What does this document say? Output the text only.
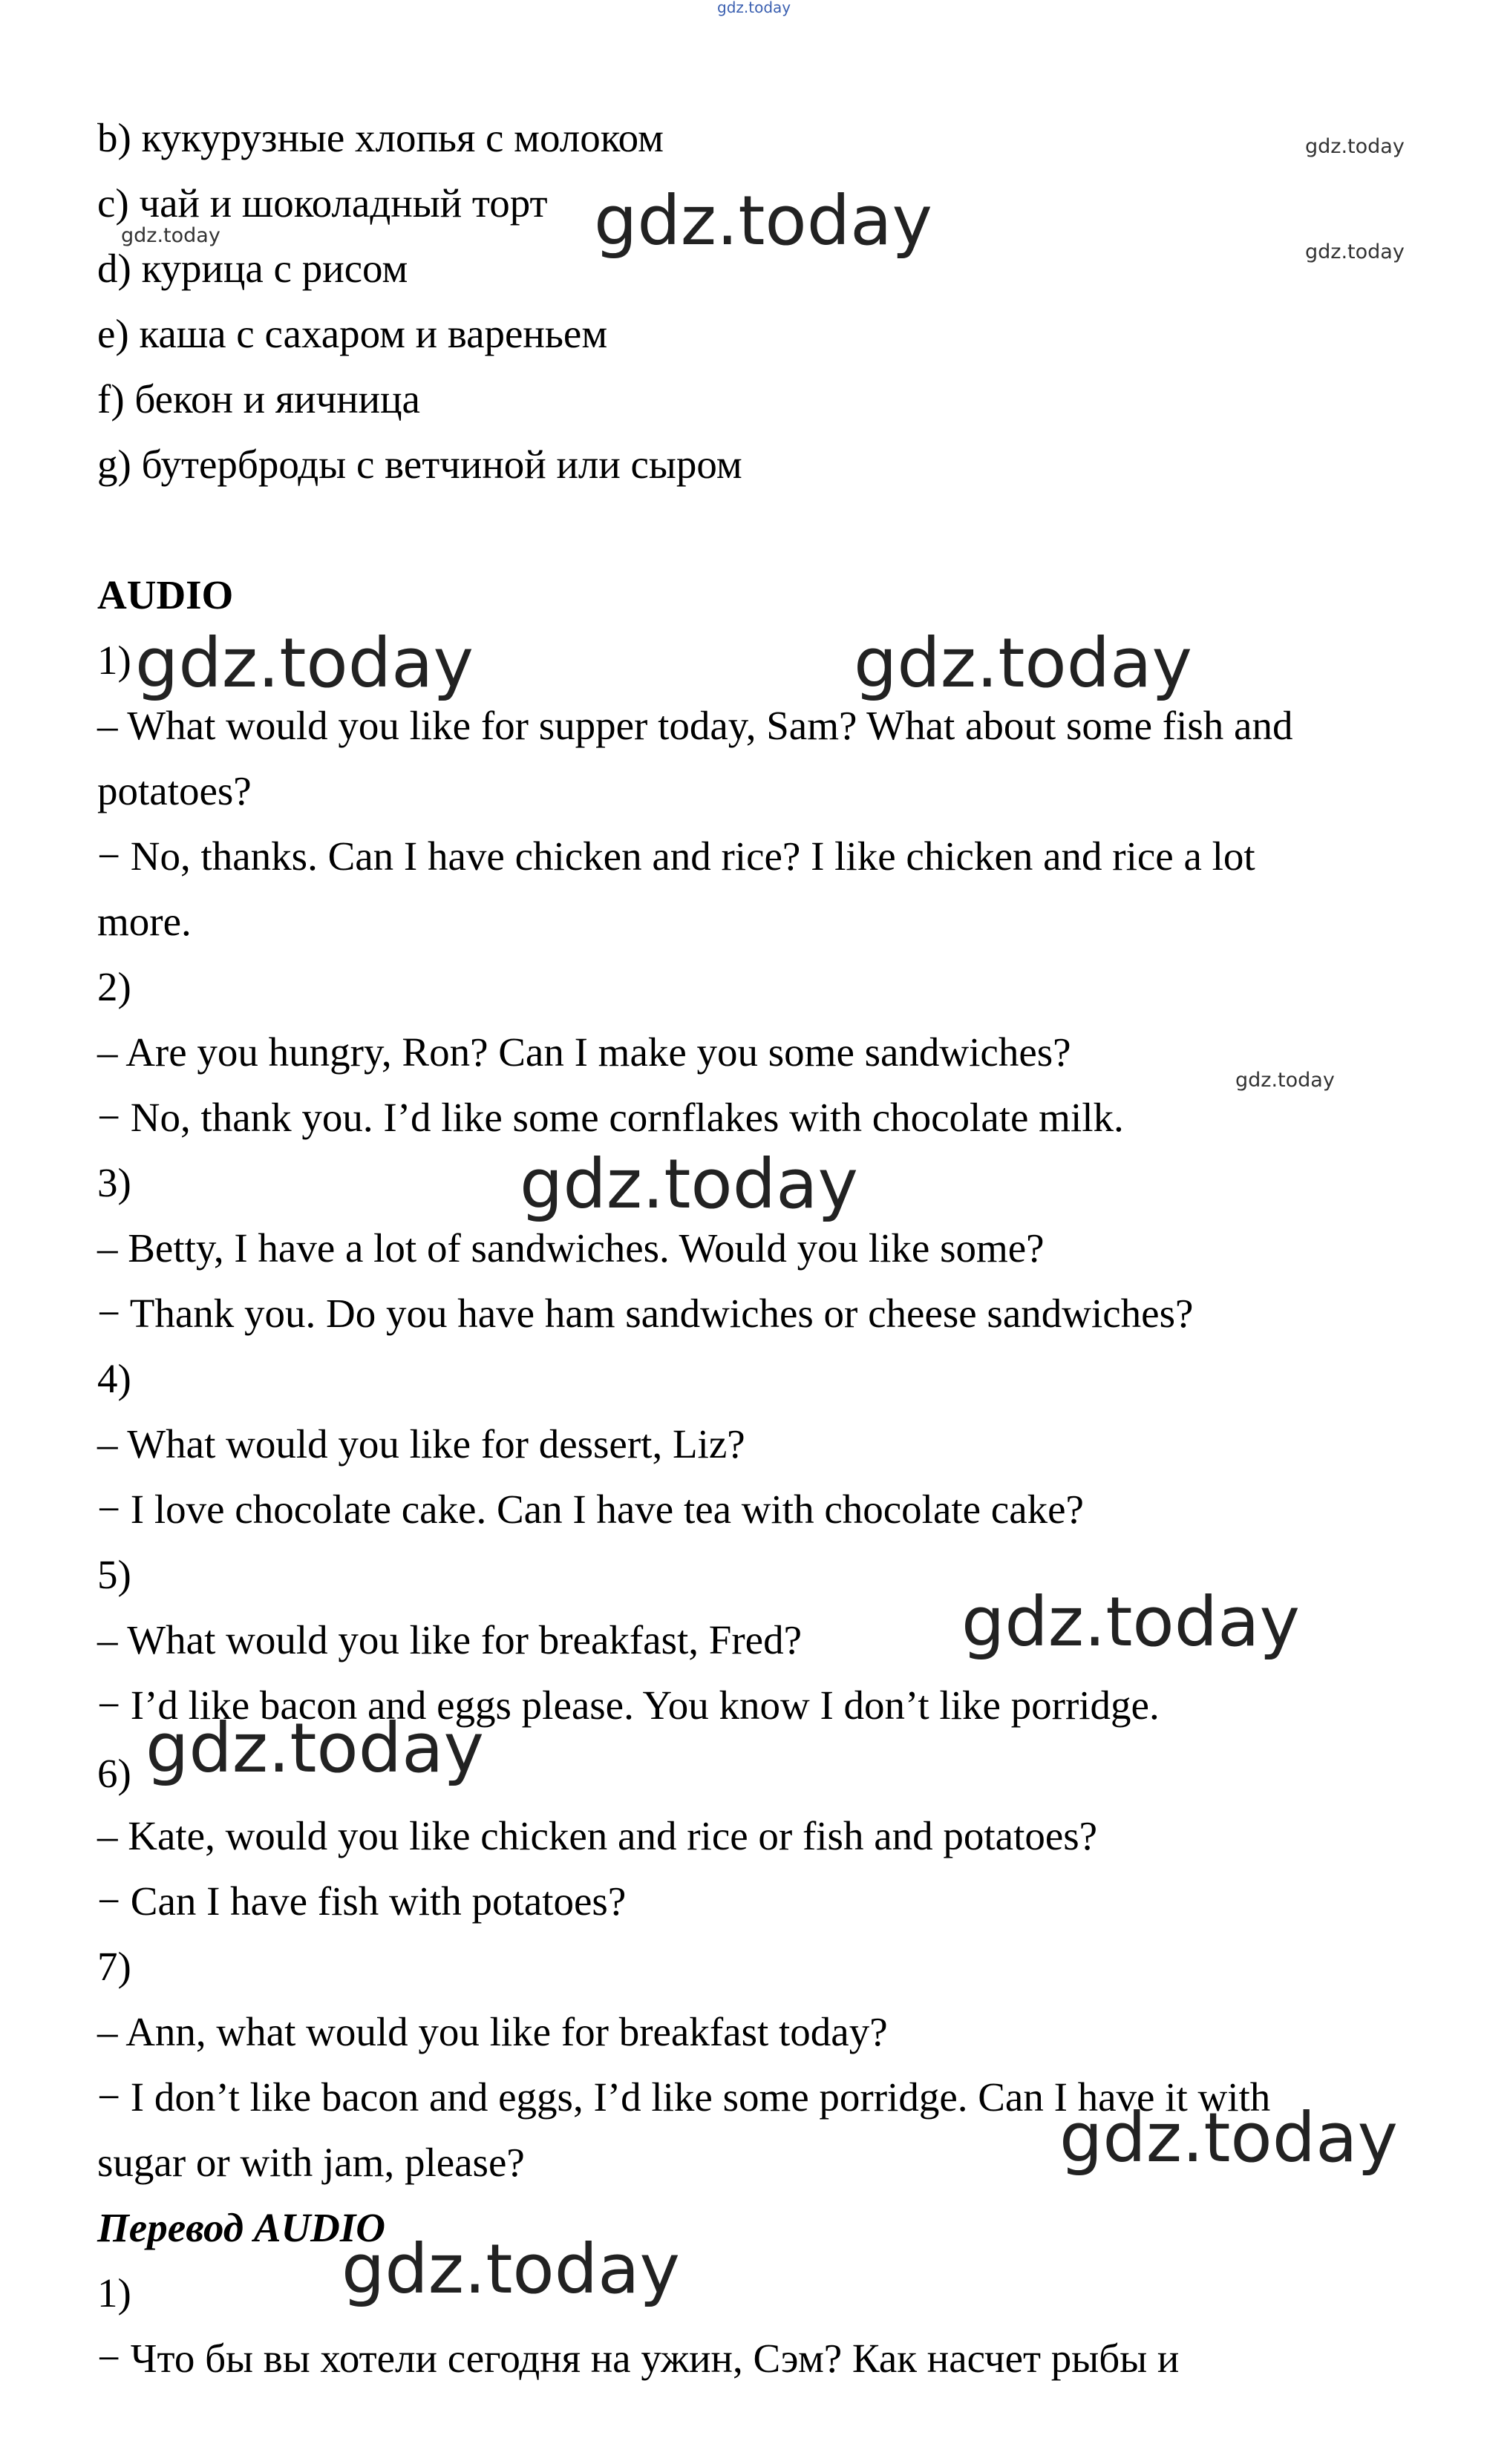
gdz.today
b) кукурузные хлопья с молоком
c) чай и шоколадный торт
d) курица с рисом
e) каша с сахаром и вареньем
f) бекон и яичница
g) бутерброды с ветчиной или сыром
AUDIO
1)
– What would you like for supper today, Sam? What about some fish and
potatoes?
− No, thanks. Can I have chicken and rice? I like chicken and rice a lot
more.
2)
– Are you hungry, Ron? Can I make you some sandwiches?
− No, thank you. I’d like some cornflakes with chocolate milk.
3)
– Betty, I have a lot of sandwiches. Would you like some?
− Thank you. Do you have ham sandwiches or cheese sandwiches?
4)
– What would you like for dessert, Liz?
− I love chocolate cake. Can I have tea with chocolate cake?
5)
– What would you like for breakfast, Fred?
− I’d like bacon and eggs please. You know I don’t like porridge.
6)
– Kate, would you like chicken and rice or fish and potatoes?
− Can I have fish with potatoes?
7)
– Ann, what would you like for breakfast today?
− I don’t like bacon and eggs, I’d like some porridge. Can I have it with
sugar or with jam, please?
Перевод AUDIO
1)
− Что бы вы хотели сегодня на ужин, Сэм? Как насчет рыбы и
gdz.today
gdz.today	gdz.today
gdz.today
gdz.today
gdz.today
gdz.today
gdz.today
gdz.today
gdz.today
gdz.today
gdz.today
